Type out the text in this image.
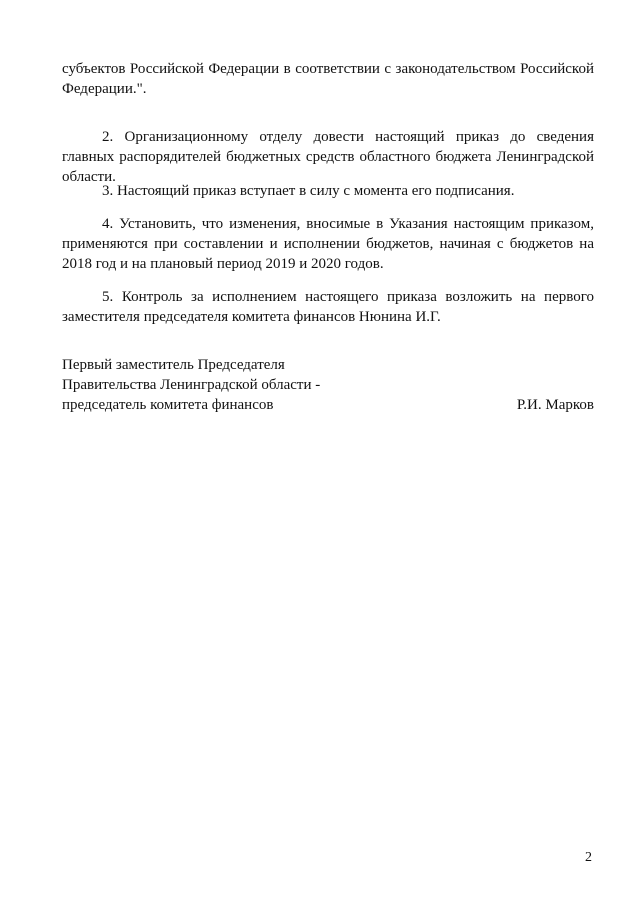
субъектов Российской Федерации в соответствии с законодательством Российской Федерации.".

2. Организационному отделу довести настоящий приказ до сведения главных распорядителей бюджетных средств областного бюджета Ленинградской области.

3. Настоящий приказ вступает в силу с момента его подписания.

4. Установить, что изменения, вносимые в Указания настоящим приказом, применяются при составлении и исполнении бюджетов, начиная с бюджетов на 2018 год и на плановый период 2019 и 2020 годов.

5. Контроль за исполнением настоящего приказа возложить на первого заместителя председателя комитета финансов Нюнина И.Г.

Первый заместитель Председателя
Правительства Ленинградской области -
председатель комитета финансов	Р.И. Марков
2
